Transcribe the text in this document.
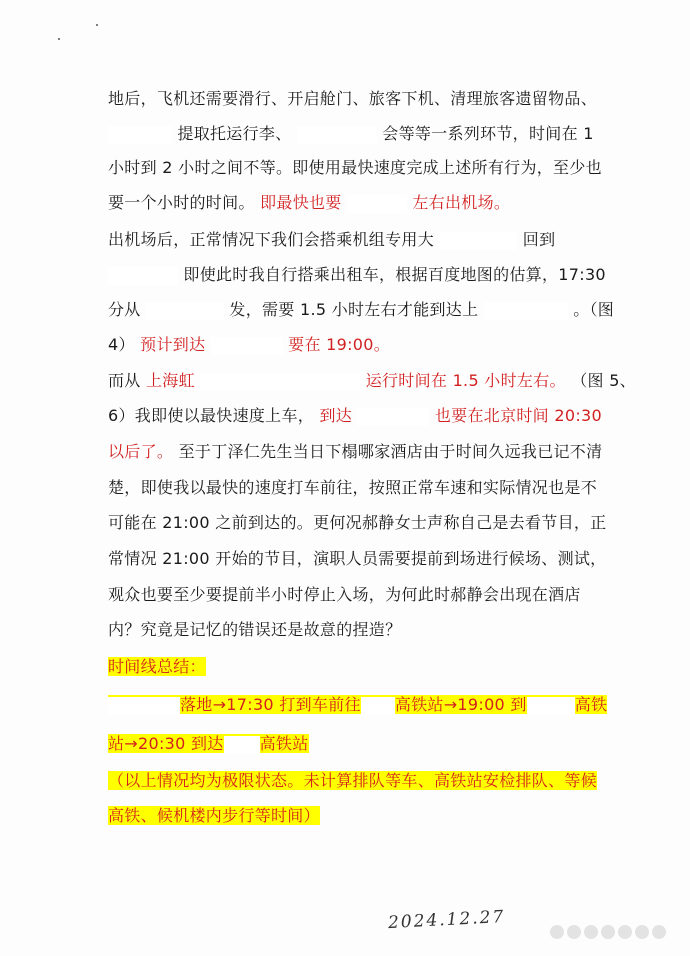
地后，飞机还需要滑行、开启舱门、旅客下机、清理旅客遗留物品、
提取托运行李、	会等等一系列环节，时间在 1
小时到 2 小时之间不等。即使用最快速度完成上述所有行为，至少也
要一个小时的时间。 即最快也要	左右出机场。
出机场后，正常情况下我们会搭乘机组专用大	回到
即使此时我自行搭乘出租车，根据百度地图的估算，17:30
分从	发，需要 1.5 小时左右才能到达上	。（图
4） 预计到达	要在 19:00。
而从 上海虹	运行时间在 1.5 小时左右。 （图 5、
6）我即使以最快速度上车， 到达	也要在北京时间 20:30
以后了。 至于丁泽仁先生当日下榻哪家酒店由于时间久远我已记不清
楚，即使我以最快的速度打车前往，按照正常车速和实际情况也是不
可能在 21:00 之前到达的。更何况郝静女士声称自己是去看节目，正
常情况 21:00 开始的节目，演职人员需要提前到场进行候场、测试，
观众也要至少要提前半小时停止入场，为何此时郝静会出现在酒店
内？究竟是记忆的错误还是故意的捏造？
时间线总结：
落地→17:30 打到车前往 高铁站→19:00 到	高铁
站→20:30 到达 高铁站
（以上情况均为极限状态。未计算排队等车、高铁站安检排队、等候
高铁、候机楼内步行等时间）
2024.12.27
